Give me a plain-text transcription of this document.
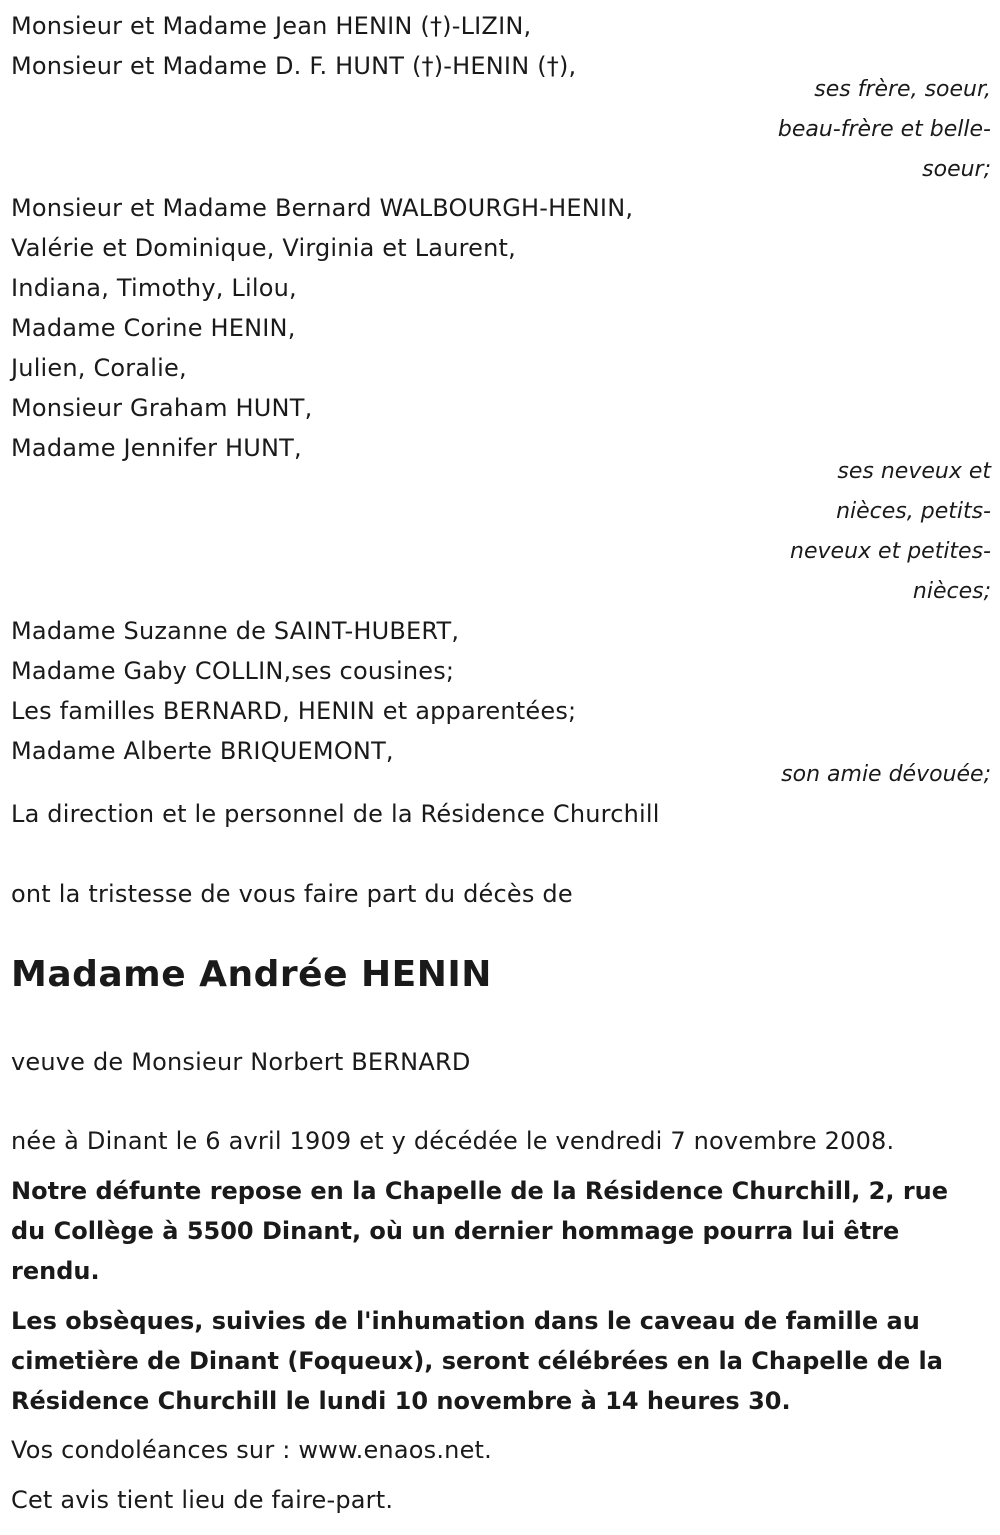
Monsieur et Madame Jean HENIN (†)-LIZIN,
Monsieur et Madame D. F. HUNT (†)-HENIN (†),
ses frère, soeur,
beau-frère et belle-
soeur;
Monsieur et Madame Bernard WALBOURGH-HENIN,
Valérie et Dominique, Virginia et Laurent,
Indiana, Timothy, Lilou,
Madame Corine HENIN,
Julien, Coralie,
Monsieur Graham HUNT,
Madame Jennifer HUNT,
ses neveux et
nièces, petits-
neveux et petites-
nièces;
Madame Suzanne de SAINT-HUBERT,
Madame Gaby COLLIN,ses cousines;
Les familles BERNARD, HENIN et apparentées;
Madame Alberte BRIQUEMONT,
son amie dévouée;
La direction et le personnel de la Résidence Churchill
ont la tristesse de vous faire part du décès de
Madame Andrée HENIN
veuve de Monsieur Norbert BERNARD
née à Dinant le 6 avril 1909 et y décédée le vendredi 7 novembre 2008.
Notre défunte repose en la Chapelle de la Résidence Churchill, 2, rue du Collège à 5500 Dinant, où un dernier hommage pourra lui être rendu.
Les obsèques, suivies de l'inhumation dans le caveau de famille au cimetière de Dinant (Foqueux), seront célébrées en la Chapelle de la Résidence Churchill le lundi 10 novembre à 14 heures 30.
Vos condoléances sur : www.enaos.net.
Cet avis tient lieu de faire-part.
